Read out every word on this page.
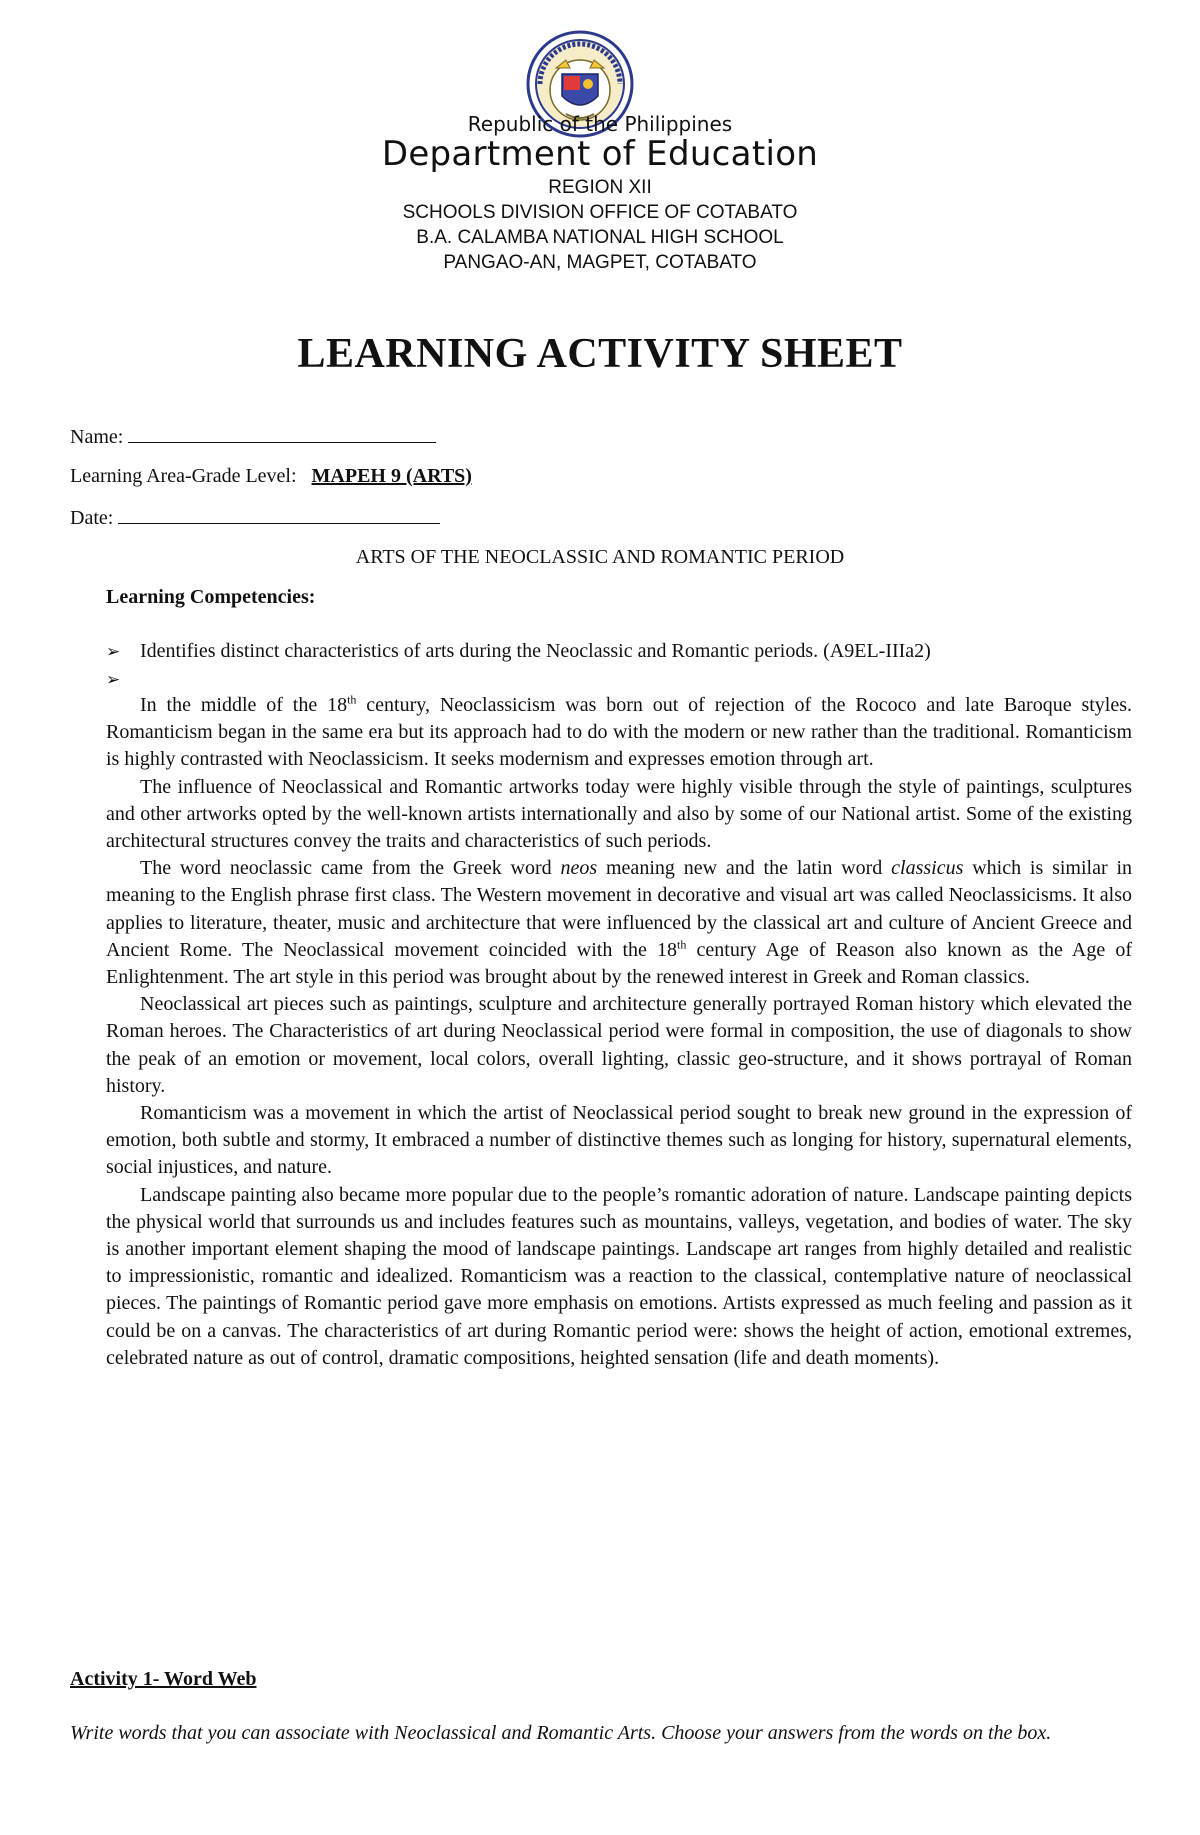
Republic of the Philippines
Department of Education
REGION XII
SCHOOLS DIVISION OFFICE OF COTABATO
B.A. CALAMBA NATIONAL HIGH SCHOOL
PANGAO-AN, MAGPET, COTABATO
LEARNING ACTIVITY SHEET
Name:
Learning Area-Grade Level: MAPEH 9 (ARTS)
Date:
ARTS OF THE NEOCLASSIC AND ROMANTIC PERIOD
Learning Competencies:
➢ Identifies distinct characteristics of arts during the Neoclassic and Romantic periods. (A9EL-IIIa2)
➢

In the middle of the 18th century, Neoclassicism was born out of rejection of the Rococo and late Baroque styles. Romanticism began in the same era but its approach had to do with the modern or new rather than the traditional. Romanticism is highly contrasted with Neoclassicism. It seeks modernism and expresses emotion through art.

The influence of Neoclassical and Romantic artworks today were highly visible through the style of paintings, sculptures and other artworks opted by the well-known artists internationally and also by some of our National artist. Some of the existing architectural structures convey the traits and characteristics of such periods.

The word neoclassic came from the Greek word neos meaning new and the latin word classicus which is similar in meaning to the English phrase first class. The Western movement in decorative and visual art was called Neoclassicisms. It also applies to literature, theater, music and architecture that were influenced by the classical art and culture of Ancient Greece and Ancient Rome. The Neoclassical movement coincided with the 18th century Age of Reason also known as the Age of Enlightenment. The art style in this period was brought about by the renewed interest in Greek and Roman classics.

Neoclassical art pieces such as paintings, sculpture and architecture generally portrayed Roman history which elevated the Roman heroes. The Characteristics of art during Neoclassical period were formal in composition, the use of diagonals to show the peak of an emotion or movement, local colors, overall lighting, classic geo-structure, and it shows portrayal of Roman history.

Romanticism was a movement in which the artist of Neoclassical period sought to break new ground in the expression of emotion, both subtle and stormy, It embraced a number of distinctive themes such as longing for history, supernatural elements, social injustices, and nature.

Landscape painting also became more popular due to the people’s romantic adoration of nature. Landscape painting depicts the physical world that surrounds us and includes features such as mountains, valleys, vegetation, and bodies of water. The sky is another important element shaping the mood of landscape paintings. Landscape art ranges from highly detailed and realistic to impressionistic, romantic and idealized. Romanticism was a reaction to the classical, contemplative nature of neoclassical pieces. The paintings of Romantic period gave more emphasis on emotions. Artists expressed as much feeling and passion as it could be on a canvas. The characteristics of art during Romantic period were: shows the height of action, emotional extremes, celebrated nature as out of control, dramatic compositions, heighted sensation (life and death moments).

Activity 1- Word Web
Write words that you can associate with Neoclassical and Romantic Arts. Choose your answers from the words on the box.
